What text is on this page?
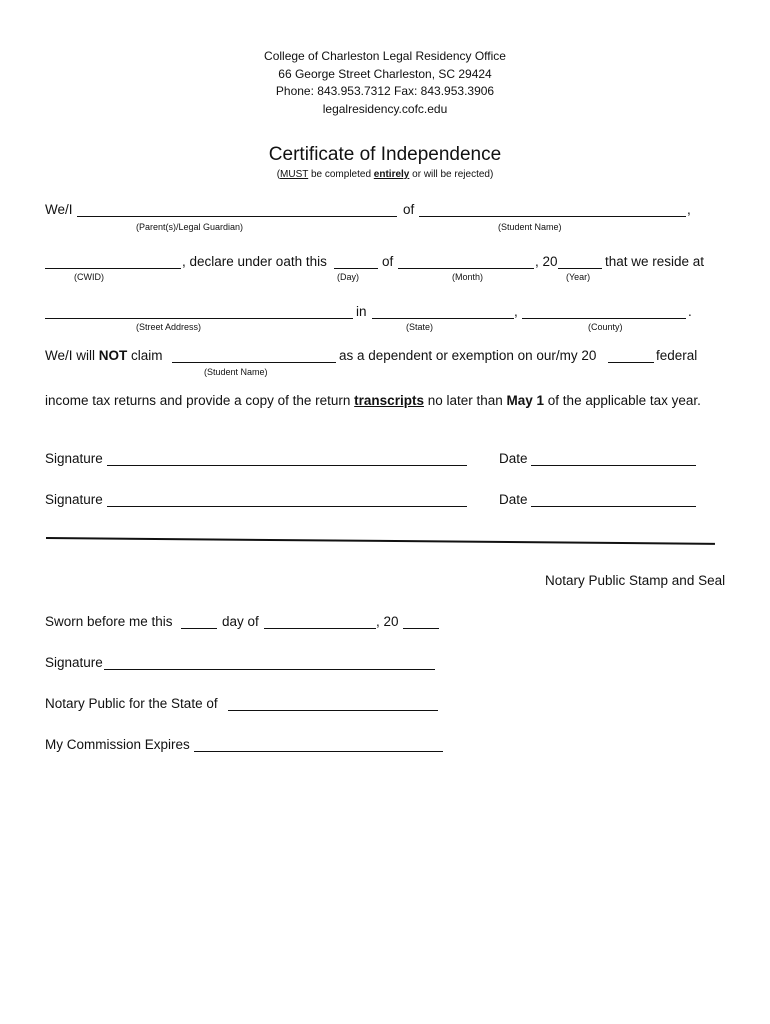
College of Charleston Legal Residency Office
66 George Street Charleston, SC 29424
Phone: 843.953.7312 Fax: 843.953.3906
legalresidency.cofc.edu
Certificate of Independence
(MUST be completed entirely or will be rejected)
We/I	of	,
(Parent(s)/Legal Guardian)	(Student Name)
, declare under oath this	of	, 20	that we reside at
(CWID)	(Day)	(Month)	(Year)
in	,	.
(Street Address)	(State)	(County)
We/I will NOT claim	as a dependent or exemption on our/my 20	federal
(Student Name)
income tax returns and provide a copy of the return transcripts no later than May 1 of the applicable tax year.
Signature	Date
Signature	Date
Notary Public Stamp and Seal
Sworn before me this	day of	, 20
Signature
Notary Public for the State of
My Commission Expires
